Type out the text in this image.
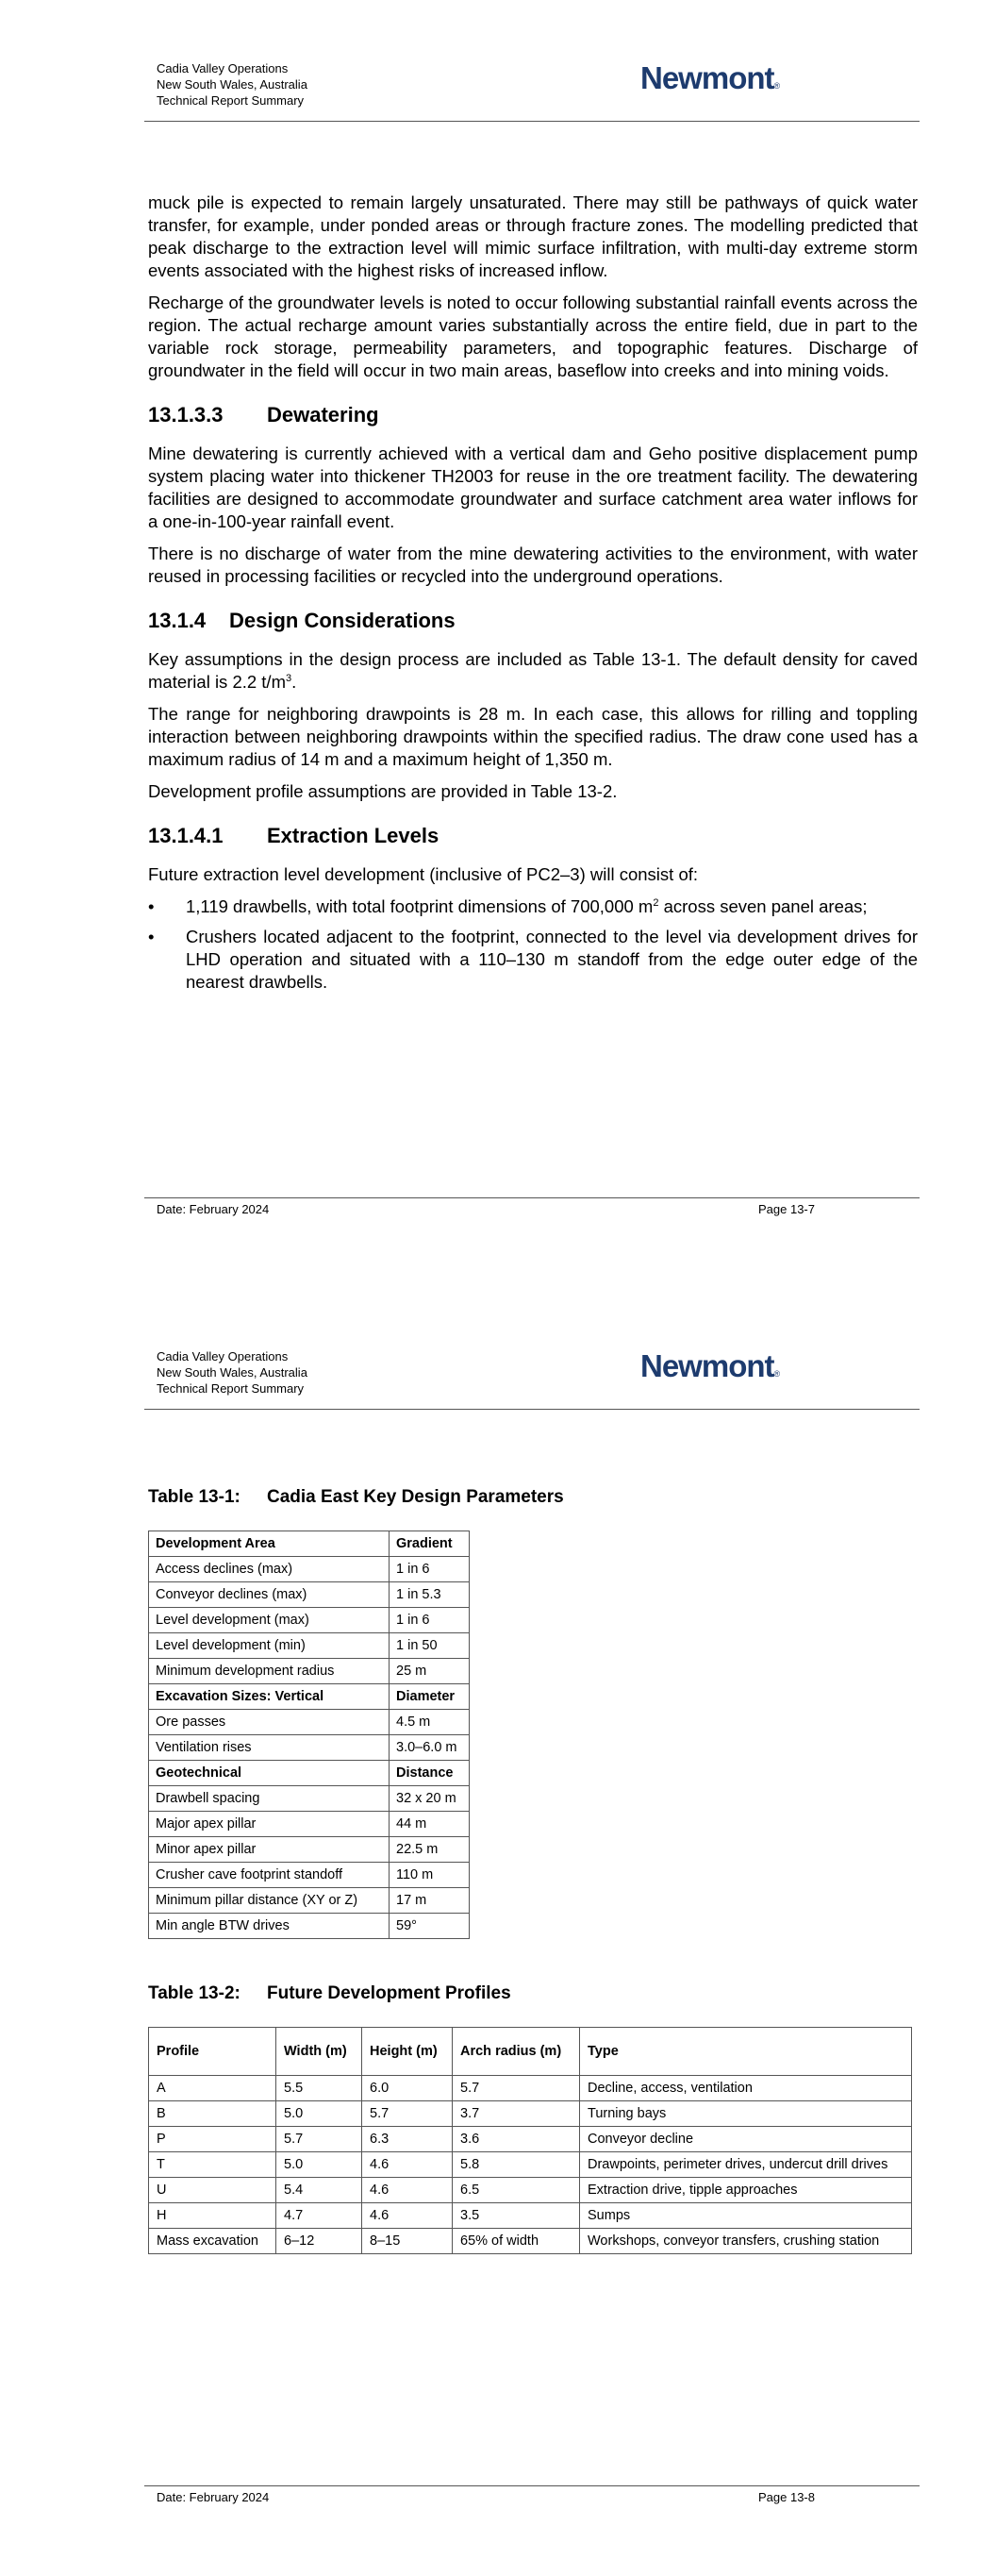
Cadia Valley Operations
New South Wales, Australia
Technical Report Summary
Newmont®

muck pile is expected to remain largely unsaturated. There may still be pathways of quick water transfer, for example, under ponded areas or through fracture zones. The modelling predicted that peak discharge to the extraction level will mimic surface infiltration, with multi-day extreme storm events associated with the highest risks of increased inflow.

Recharge of the groundwater levels is noted to occur following substantial rainfall events across the region. The actual recharge amount varies substantially across the entire field, due in part to the variable rock storage, permeability parameters, and topographic features. Discharge of groundwater in the field will occur in two main areas, baseflow into creeks and into mining voids.

13.1.3.3 Dewatering

Mine dewatering is currently achieved with a vertical dam and Geho positive displacement pump system placing water into thickener TH2003 for reuse in the ore treatment facility. The dewatering facilities are designed to accommodate groundwater and surface catchment area water inflows for a one-in-100-year rainfall event.

There is no discharge of water from the mine dewatering activities to the environment, with water reused in processing facilities or recycled into the underground operations.

13.1.4 Design Considerations

Key assumptions in the design process are included as Table 13-1. The default density for caved material is 2.2 $t/m^3$.

The range for neighboring drawpoints is 28 m. In each case, this allows for rilling and toppling interaction between neighboring drawpoints within the specified radius. The draw cone used has a maximum radius of 14 m and a maximum height of 1,350 m.

Development profile assumptions are provided in Table 13-2.

13.1.4.1 Extraction Levels

Future extraction level development (inclusive of PC2–3) will consist of:

• 1,119 drawbells, with total footprint dimensions of 700,000 $m^2$ across seven panel areas;
• Crushers located adjacent to the footprint, connected to the level via development drives for LHD operation and situated with a 110–130 m standoff from the edge outer edge of the nearest drawbells.
Date: February 2024	Page 13-7
Cadia Valley Operations
New South Wales, Australia
Technical Report Summary
Newmont®
Table 13-1: Cadia East Key Design Parameters
Development Area	Gradient
Access declines (max)	1 in 6
Conveyor declines (max)	1 in 5.3
Level development (max)	1 in 6
Level development (min)	1 in 50
Minimum development radius	25 m
Excavation Sizes: Vertical	Diameter
Ore passes	4.5 m
Ventilation rises	3.0–6.0 m
Geotechnical	Distance
Drawbell spacing	32 x 20 m
Major apex pillar	44 m
Minor apex pillar	22.5 m
Crusher cave footprint standoff	110 m
Minimum pillar distance (XY or Z)	17 m
Min angle BTW drives	59°
Table 13-2: Future Development Profiles
Profile	Width (m)	Height (m)	Arch radius (m)	Type
A	5.5	6.0	5.7	Decline, access, ventilation
B	5.0	5.7	3.7	Turning bays
P	5.7	6.3	3.6	Conveyor decline
T	5.0	4.6	5.8	Drawpoints, perimeter drives, undercut drill drives
U	5.4	4.6	6.5	Extraction drive, tipple approaches
H	4.7	4.6	3.5	Sumps
Mass excavation	6–12	8–15	65% of width	Workshops, conveyor transfers, crushing station
Date: February 2024	Page 13-8
